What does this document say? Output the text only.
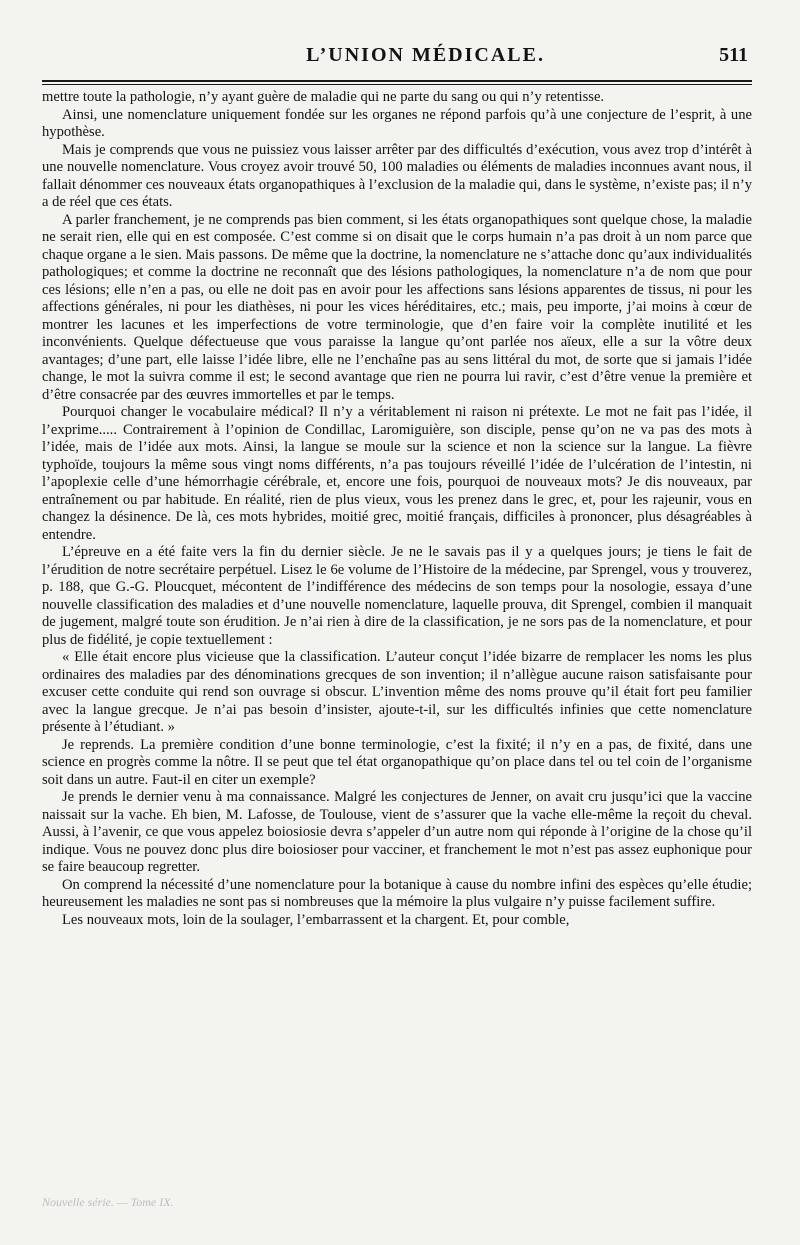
L’UNION MÉDICALE.	511

mettre toute la pathologie, n’y ayant guère de maladie qui ne parte du sang ou qui n’y retentisse.

Ainsi, une nomenclature uniquement fondée sur les organes ne répond parfois qu’à une conjecture de l’esprit, à une hypothèse.

Mais je comprends que vous ne puissiez vous laisser arrêter par des difficultés d’exécution, vous avez trop d’intérêt à une nouvelle nomenclature. Vous croyez avoir trouvé 50, 100 maladies ou éléments de maladies inconnues avant nous, il fallait dénommer ces nouveaux états organopathiques à l’exclusion de la maladie qui, dans le système, n’existe pas; il n’y a de réel que ces états.

A parler franchement, je ne comprends pas bien comment, si les états organopathiques sont quelque chose, la maladie ne serait rien, elle qui en est composée. C’est comme si on disait que le corps humain n’a pas droit à un nom parce que chaque organe a le sien. Mais passons. De même que la doctrine, la nomenclature ne s’attache donc qu’aux individualités pathologiques; et comme la doctrine ne reconnaît que des lésions pathologiques, la nomenclature n’a de nom que pour ces lésions; elle n’en a pas, ou elle ne doit pas en avoir pour les affections sans lésions apparentes de tissus, ni pour les affections générales, ni pour les diathèses, ni pour les vices héréditaires, etc.; mais, peu importe, j’ai moins à cœur de montrer les lacunes et les imperfections de votre terminologie, que d’en faire voir la complète inutilité et les inconvénients. Quelque défectueuse que vous paraisse la langue qu’ont parlée nos aïeux, elle a sur la vôtre deux avantages; d’une part, elle laisse l’idée libre, elle ne l’enchaîne pas au sens littéral du mot, de sorte que si jamais l’idée change, le mot la suivra comme il est; le second avantage que rien ne pourra lui ravir, c’est d’être venue la première et d’être consacrée par des œuvres immortelles et par le temps.

Pourquoi changer le vocabulaire médical? Il n’y a véritablement ni raison ni prétexte. Le mot ne fait pas l’idée, il l’exprime..... Contrairement à l’opinion de Condillac, Laromiguière, son disciple, pense qu’on ne va pas des mots à l’idée, mais de l’idée aux mots. Ainsi, la langue se moule sur la science et non la science sur la langue. La fièvre typhoïde, toujours la même sous vingt noms différents, n’a pas toujours réveillé l’idée de l’ulcération de l’intestin, ni l’apoplexie celle d’une hémorrhagie cérébrale, et, encore une fois, pourquoi de nouveaux mots? Je dis nouveaux, par entraînement ou par habitude. En réalité, rien de plus vieux, vous les prenez dans le grec, et, pour les rajeunir, vous en changez la désinence. De là, ces mots hybrides, moitié grec, moitié français, difficiles à prononcer, plus désagréables à entendre.

L’épreuve en a été faite vers la fin du dernier siècle. Je ne le savais pas il y a quelques jours; je tiens le fait de l’érudition de notre secrétaire perpétuel. Lisez le 6e volume de l’Histoire de la médecine, par Sprengel, vous y trouverez, p. 188, que G.-G. Ploucquet, mécontent de l’indifférence des médecins de son temps pour la nosologie, essaya d’une nouvelle classification des maladies et d’une nouvelle nomenclature, laquelle prouva, dit Sprengel, combien il manquait de jugement, malgré toute son érudition. Je n’ai rien à dire de la classification, je ne sors pas de la nomenclature, et pour plus de fidélité, je copie textuellement :

« Elle était encore plus vicieuse que la classification. L’auteur conçut l’idée bizarre de remplacer les noms les plus ordinaires des maladies par des dénominations grecques de son invention; il n’allègue aucune raison satisfaisante pour excuser cette conduite qui rend son ouvrage si obscur. L’invention même des noms prouve qu’il était fort peu familier avec la langue grecque. Je n’ai pas besoin d’insister, ajoute-t-il, sur les difficultés infinies que cette nomenclature présente à l’étudiant. »

Je reprends. La première condition d’une bonne terminologie, c’est la fixité; il n’y en a pas, de fixité, dans une science en progrès comme la nôtre. Il se peut que tel état organopathique qu’on place dans tel ou tel coin de l’organisme soit dans un autre. Faut-il en citer un exemple?

Je prends le dernier venu à ma connaissance. Malgré les conjectures de Jenner, on avait cru jusqu’ici que la vaccine naissait sur la vache. Eh bien, M. Lafosse, de Toulouse, vient de s’assurer que la vache elle-même la reçoit du cheval. Aussi, à l’avenir, ce que vous appelez boiosiosie devra s’appeler d’un autre nom qui réponde à l’origine de la chose qu’il indique. Vous ne pouvez donc plus dire boiosioser pour vacciner, et franchement le mot n’est pas assez euphonique pour se faire beaucoup regretter.

On comprend la nécessité d’une nomenclature pour la botanique à cause du nombre infini des espèces qu’elle étudie; heureusement les maladies ne sont pas si nombreuses que la mémoire la plus vulgaire n’y puisse facilement suffire.

Les nouveaux mots, loin de la soulager, l’embarrassent et la chargent. Et, pour comble,

Nouvelle série. — Tome IX.
